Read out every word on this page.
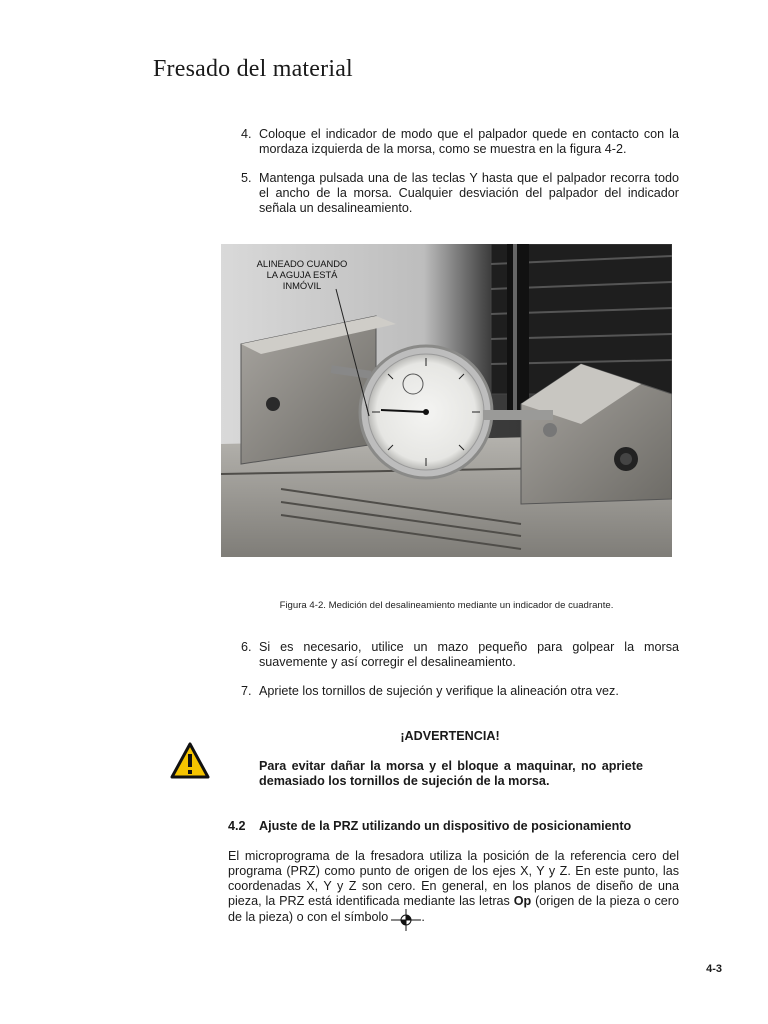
Fresado del material
4. Coloque el indicador de modo que el palpador quede en contacto con la mordaza izquierda de la morsa, como se muestra en la figura 4-2.
5. Mantenga pulsada una de las teclas Y hasta que el palpador recorra todo el ancho de la morsa. Cualquier desviación del palpador del indicador señala un desalineamiento.
ALINEADO CUANDO LA AGUJA ESTÁ INMÓVIL
Figura 4-2. Medición del desalineamiento mediante un indicador de cuadrante.
6. Si es necesario, utilice un mazo pequeño para golpear la morsa suavemente y así corregir el desalineamiento.
7. Apriete los tornillos de sujeción y verifique la alineación otra vez.
¡ADVERTENCIA!
Para evitar dañar la morsa y el bloque a maquinar, no apriete demasiado los tornillos de sujeción de la morsa.
4.2 Ajuste de la PRZ utilizando un dispositivo de posicionamiento
El microprograma de la fresadora utiliza la posición de la referencia cero del programa (PRZ) como punto de origen de los ejes X, Y y Z. En este punto, las coordenadas X, Y y Z son cero. En general, en los planos de diseño de una pieza, la PRZ está identificada mediante las letras Op (origen de la pieza o cero de la pieza) o con el símbolo	.
4-3
